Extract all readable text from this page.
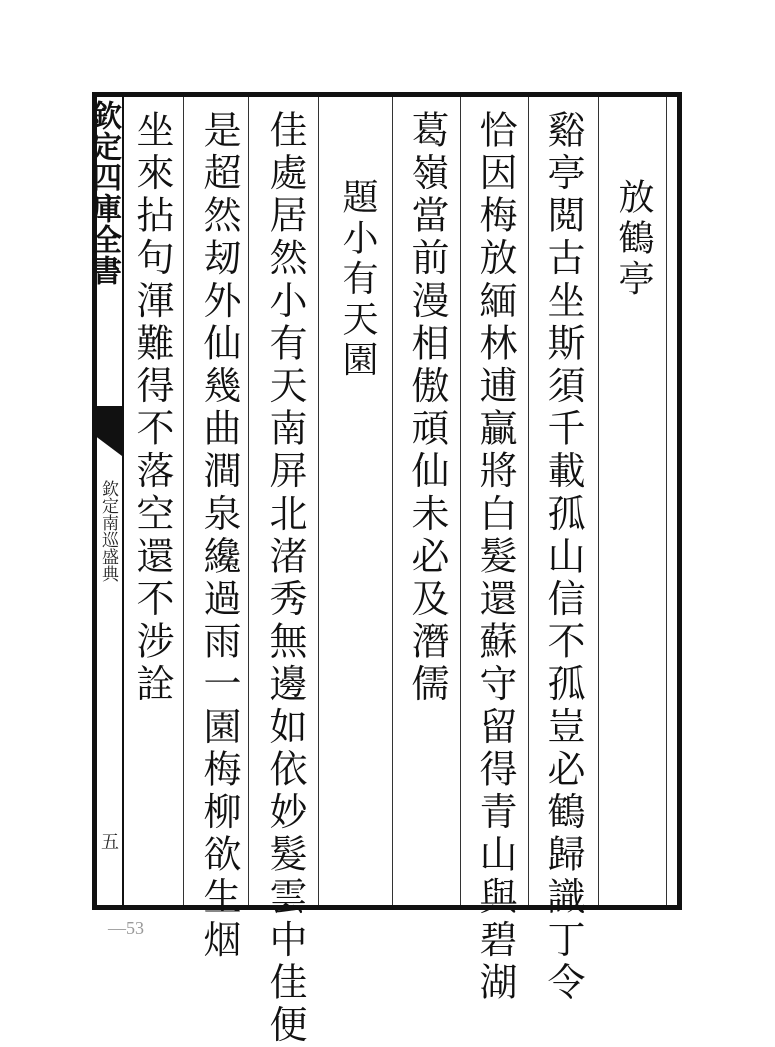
欽定四庫全書
欽定南巡盛典
五
放鶴亭
谿亭閲古坐斯須千載孤山信不孤豈必鶴歸識丁令
恰因梅放緬林逋贏將白髮還蘇守留得青山與碧湖
葛嶺當前漫相傲頑仙未必及潛儒
題小有天園
佳處居然小有天南屏北渚秀無邊如依妙髮雲中佳便
是超然刼外仙幾曲澗泉纔過雨一園梅柳欲生烟
坐來拈句渾難得不落空還不涉詮
—53
